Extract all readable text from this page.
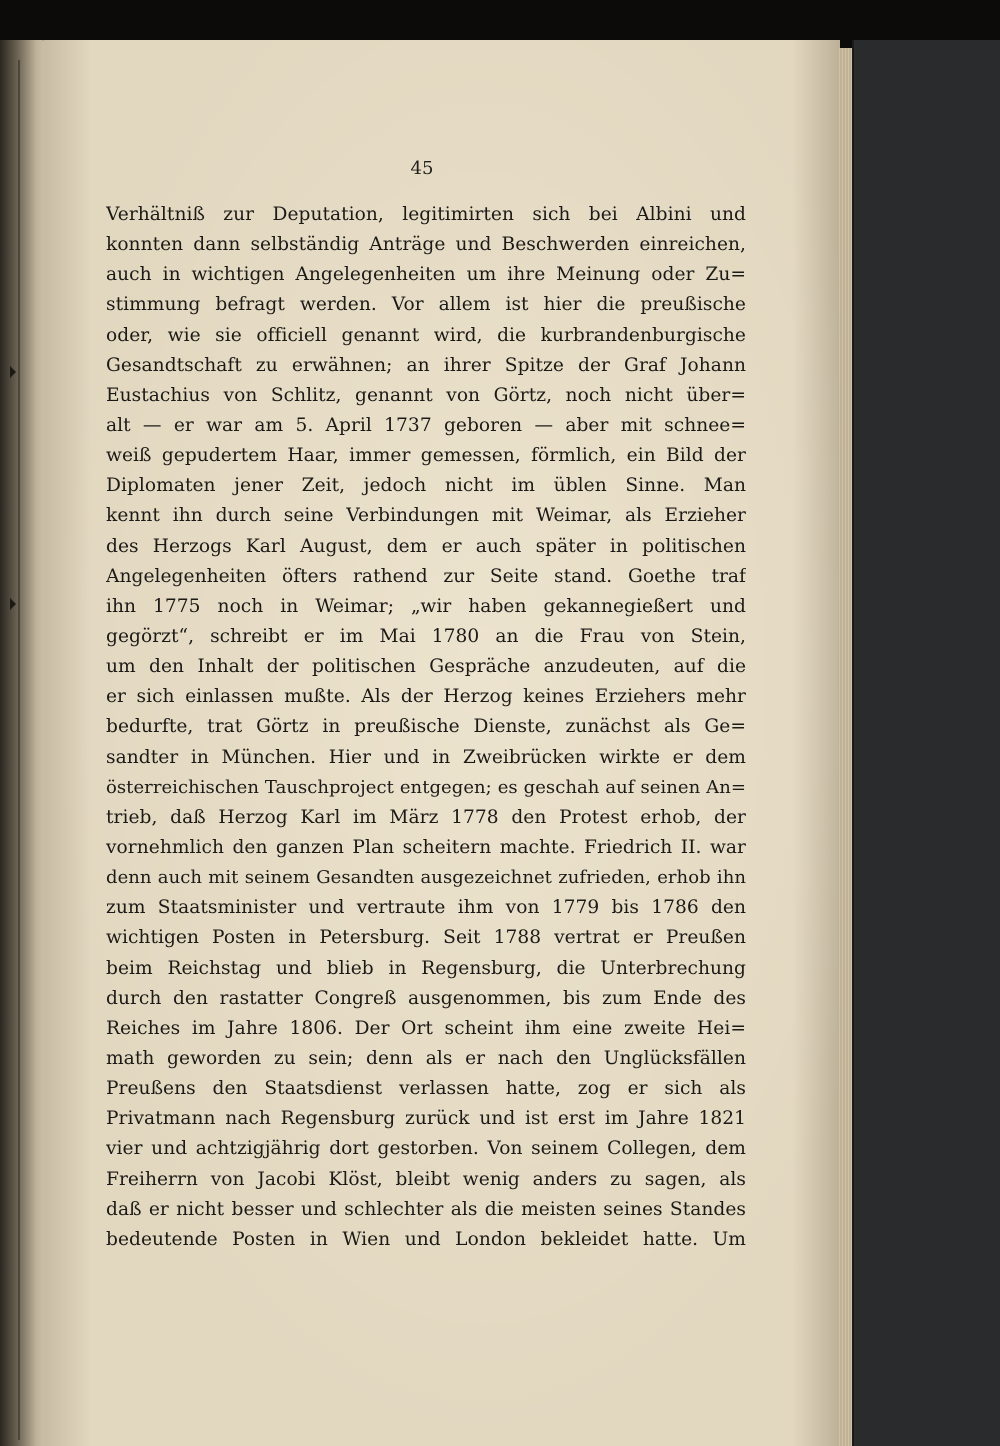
45
Verhältniß zur Deputation, legitimirten sich bei Albini und
konnten dann selbständig Anträge und Beschwerden einreichen,
auch in wichtigen Angelegenheiten um ihre Meinung oder Zu=
stimmung befragt werden. Vor allem ist hier die preußische
oder, wie sie officiell genannt wird, die kurbrandenburgische
Gesandtschaft zu erwähnen; an ihrer Spitze der Graf Johann
Eustachius von Schlitz, genannt von Görtz, noch nicht über=
alt — er war am 5. April 1737 geboren — aber mit schnee=
weiß gepudertem Haar, immer gemessen, förmlich, ein Bild der
Diplomaten jener Zeit, jedoch nicht im üblen Sinne. Man
kennt ihn durch seine Verbindungen mit Weimar, als Erzieher
des Herzogs Karl August, dem er auch später in politischen
Angelegenheiten öfters rathend zur Seite stand. Goethe traf
ihn 1775 noch in Weimar; „wir haben gekannegießert und
gegörzt“, schreibt er im Mai 1780 an die Frau von Stein,
um den Inhalt der politischen Gespräche anzudeuten, auf die
er sich einlassen mußte. Als der Herzog keines Erziehers mehr
bedurfte, trat Görtz in preußische Dienste, zunächst als Ge=
sandter in München. Hier und in Zweibrücken wirkte er dem
österreichischen Tauschproject entgegen; es geschah auf seinen An=
trieb, daß Herzog Karl im März 1778 den Protest erhob, der
vornehmlich den ganzen Plan scheitern machte. Friedrich II. war
denn auch mit seinem Gesandten ausgezeichnet zufrieden, erhob ihn
zum Staatsminister und vertraute ihm von 1779 bis 1786 den
wichtigen Posten in Petersburg. Seit 1788 vertrat er Preußen
beim Reichstag und blieb in Regensburg, die Unterbrechung
durch den rastatter Congreß ausgenommen, bis zum Ende des
Reiches im Jahre 1806. Der Ort scheint ihm eine zweite Hei=
math geworden zu sein; denn als er nach den Unglücksfällen
Preußens den Staatsdienst verlassen hatte, zog er sich als
Privatmann nach Regensburg zurück und ist erst im Jahre 1821
vier und achtzigjährig dort gestorben. Von seinem Collegen, dem
Freiherrn von Jacobi Klöst, bleibt wenig anders zu sagen, als
daß er nicht besser und schlechter als die meisten seines Standes
bedeutende Posten in Wien und London bekleidet hatte. Um
